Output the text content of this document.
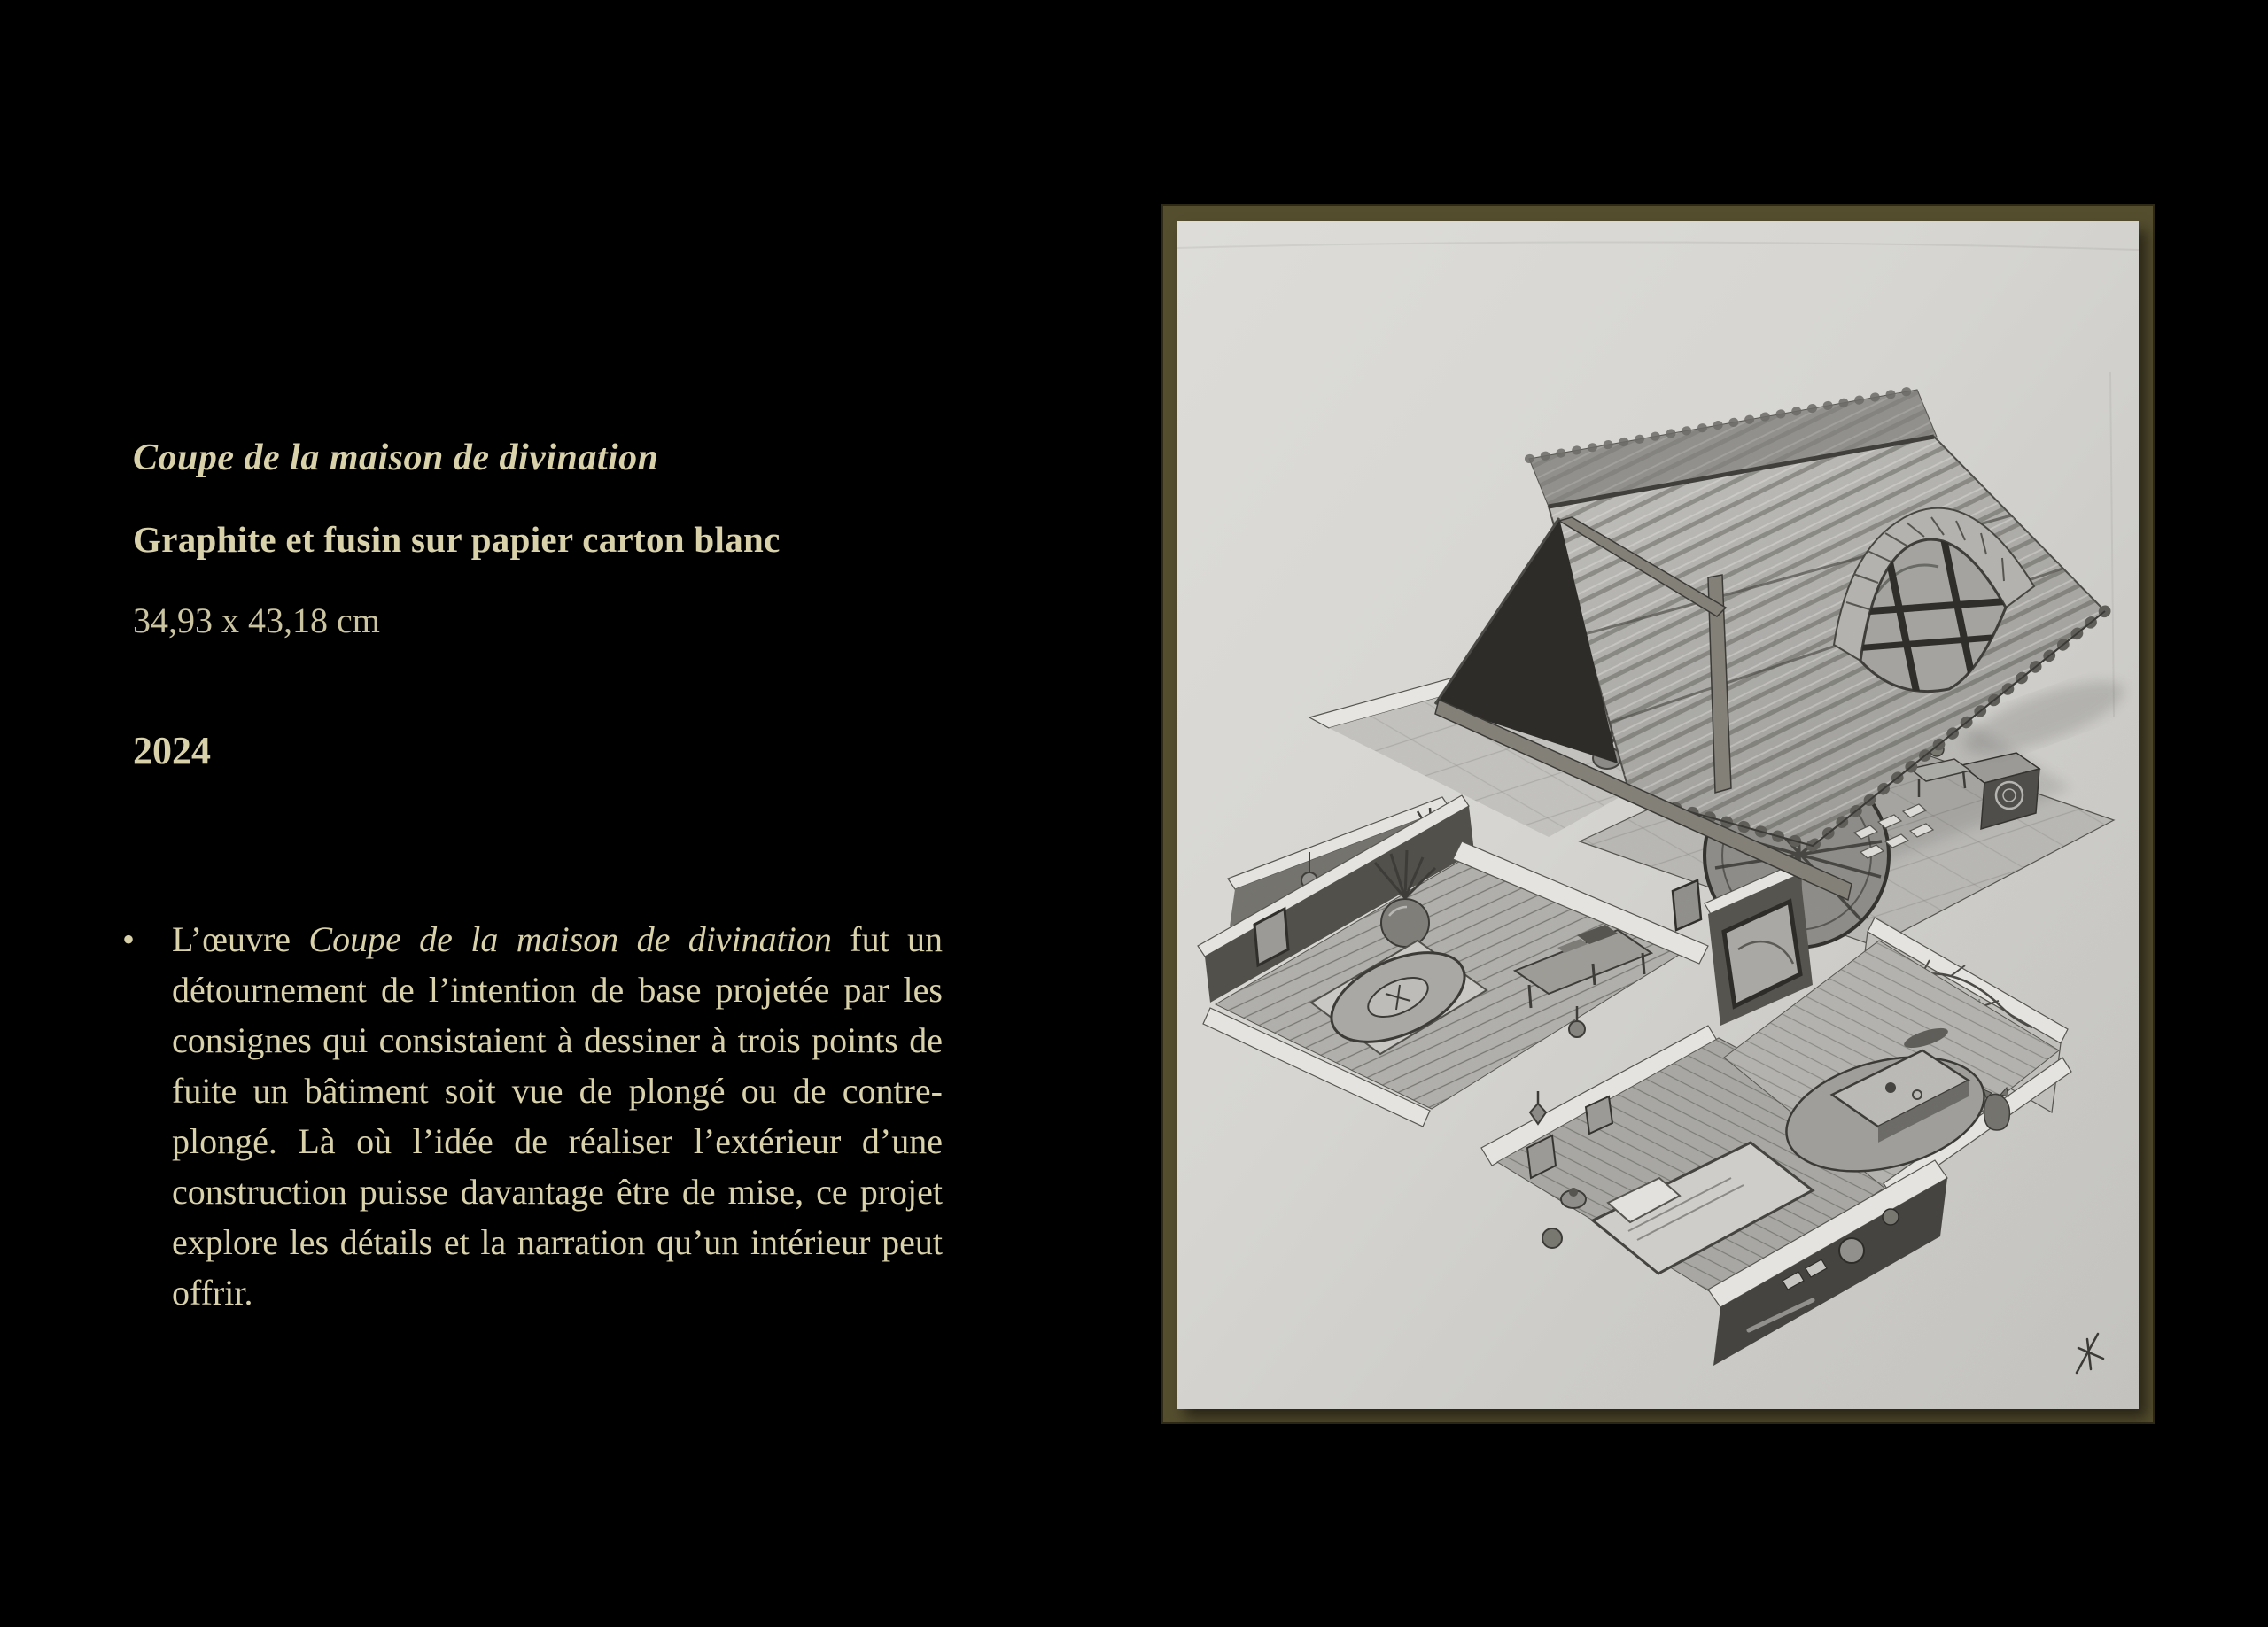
Coupe de la maison de divination
Graphite et fusin sur papier carton blanc
34,93 x 43,18 cm
2024
•	L’œuvre Coupe de la maison de divination fut un détournement de l’intention de base projetée par les consignes qui consistaient à dessiner à trois points de fuite un bâtiment soit vue de plongé ou de contre-plongé. Là où l’idée de réaliser l’extérieur d’une construction puisse davantage être de mise, ce projet explore les détails et la narration qu’un intérieur peut offrir.
